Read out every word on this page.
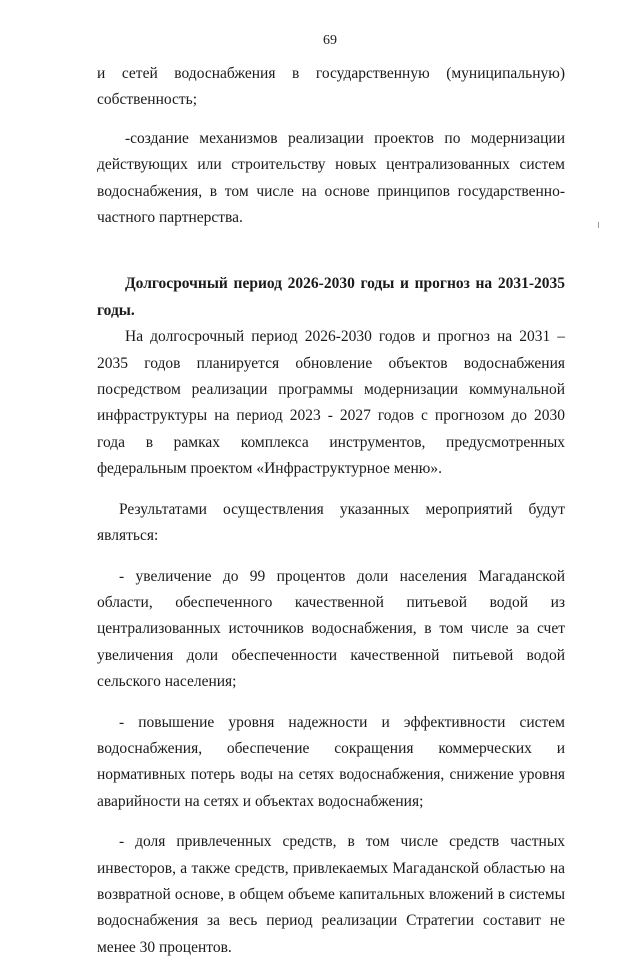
69

и сетей водоснабжения в государственную (муниципальную) собственность;

-создание механизмов реализации проектов по модернизации действующих или строительству новых централизованных систем водоснабжения, в том числе на основе принципов государственно-частного партнерства.

Долгосрочный период 2026-2030 годы и прогноз на 2031-2035 годы.

На долгосрочный период 2026-2030 годов и прогноз на 2031 – 2035 годов планируется обновление объектов водоснабжения посредством реализации программы модернизации коммунальной инфраструктуры на период 2023 - 2027 годов с прогнозом до 2030 года в рамках комплекса инструментов, предусмотренных федеральным проектом «Инфраструктурное меню».

Результатами осуществления указанных мероприятий будут являться:

- увеличение до 99 процентов доли населения Магаданской области, обеспеченного качественной питьевой водой из централизованных источников водоснабжения, в том числе за счет увеличения доли обеспеченности качественной питьевой водой сельского населения;

- повышение уровня надежности и эффективности систем водоснабжения, обеспечение сокращения коммерческих и нормативных потерь воды на сетях водоснабжения, снижение уровня аварийности на сетях и объектах водоснабжения;

- доля привлеченных средств, в том числе средств частных инвесторов, а также средств, привлекаемых Магаданской областью на возвратной основе, в общем объеме капитальных вложений в системы водоснабжения за весь период реализации Стратегии составит не менее 30 процентов.
